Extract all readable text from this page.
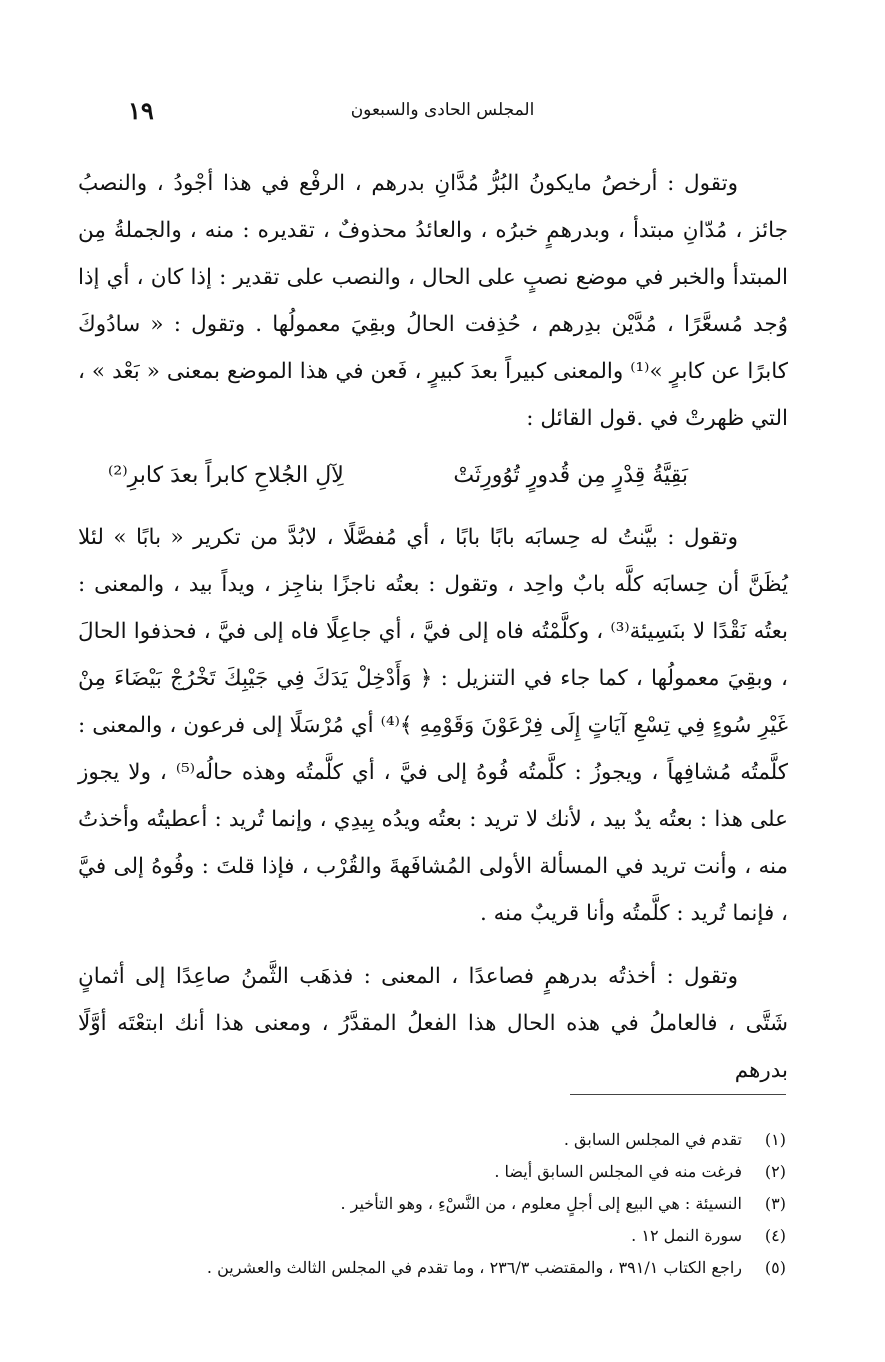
١٩	المجلس الحادى والسبعون

وتقول : أرخصُ مايكونُ البُرُّ مُدَّانِ بدرهم ، الرفْع في هذا أجْودُ ، والنصبُ جائز ، مُدّانِ مبتدأ ، وبدرهمٍ خبرُه ، والعائدُ محذوفٌ ، تقديره : منه ، والجملةُ مِن المبتدأ والخبر في موضع نصبٍ على الحال ، والنصب على تقدير : إذا كان ، أي إذا وُجد مُسعَّرًا ، مُدَّيْن بدِرهم ، حُذِفت الحالُ وبقِيَ معمولُها . وتقول : « سادُوكَ كابرًا عن كابرٍ »⁽¹⁾ والمعنى كبيراً بعدَ كبيرٍ ، فَعن في هذا الموضع بمعنى « بَعْد » ، التي ظهرتْ في .قول القائل :

بَقِيَّةُ قِدْرٍ مِن قُدورٍ تُوُورِثَتْ
لِآلِ الجُلاحِ كابراً بعدَ كابرِ⁽²⁾

وتقول : بيَّنتُ له حِسابَه بابًا بابًا ، أي مُفصَّلًا ، لابُدَّ من تكرير « بابًا » لئلا يُظَنَّ أن حِسابَه كلَّه بابٌ واحِد ، وتقول : بعتُه ناجزًا بناجِز ، ويداً بيد ، والمعنى : بعتُه نَقْدًا لا بنَسِيئة⁽³⁾ ، وكلَّمْتُه فاه إلى فيَّ ، أي جاعِلًا فاه إلى فيَّ ، فحذفوا الحالَ ، وبقِيَ معمولُها ، كما جاء في التنزيل : ﴿ وَأَدْخِلْ يَدَكَ فِي جَيْبِكَ تَخْرُجْ بَيْضَاءَ مِنْ غَيْرِ سُوءٍ فِي تِسْعِ آيَاتٍ إِلَى فِرْعَوْنَ وَقَوْمِهِ ﴾⁽⁴⁾ أي مُرْسَلًا إلى فرعون ، والمعنى : كلَّمتُه مُشافِهاً ، ويجوزُ : كلَّمتُه فُوهُ إلى فيَّ ، أي كلَّمتُه وهذه حالُه⁽⁵⁾ ، ولا يجوز على هذا : بعتُه يدٌ بيد ، لأنك لا تريد : بعتُه ويدُه بِيدِي ، وإنما تُريد : أعطيتُه وأخذتُ منه ، وأنت تريد في المسألة الأولى المُشافَهةَ والقُرْب ، فإذا قلتَ : وفُوهُ إلى فيَّ ، فإنما تُريد : كلَّمتُه وأنا قريبٌ منه .

وتقول : أخذتُه بدرهمٍ فصاعدًا ، المعنى : فذهَب الثَّمنُ صاعِدًا إلى أثمانٍ شَتَّى ، فالعاملُ في هذه الحال هذا الفعلُ المقدَّرُ ، ومعنى هذا أنك ابتعْتَه أوَّلًا بدرهم

(١)تقدم في المجلس السابق .
(٢)فرغت منه في المجلس السابق أيضا .
(٣)النسيئة : هي البيع إلى أجلٍ معلوم ، من النَّسْءِ ، وهو التأخير .
(٤)سورة النمل ١٢ .
(٥)راجع الكتاب ٣٩١/١ ، والمقتضب ٢٣٦/٣ ، وما تقدم في المجلس الثالث والعشرين .
